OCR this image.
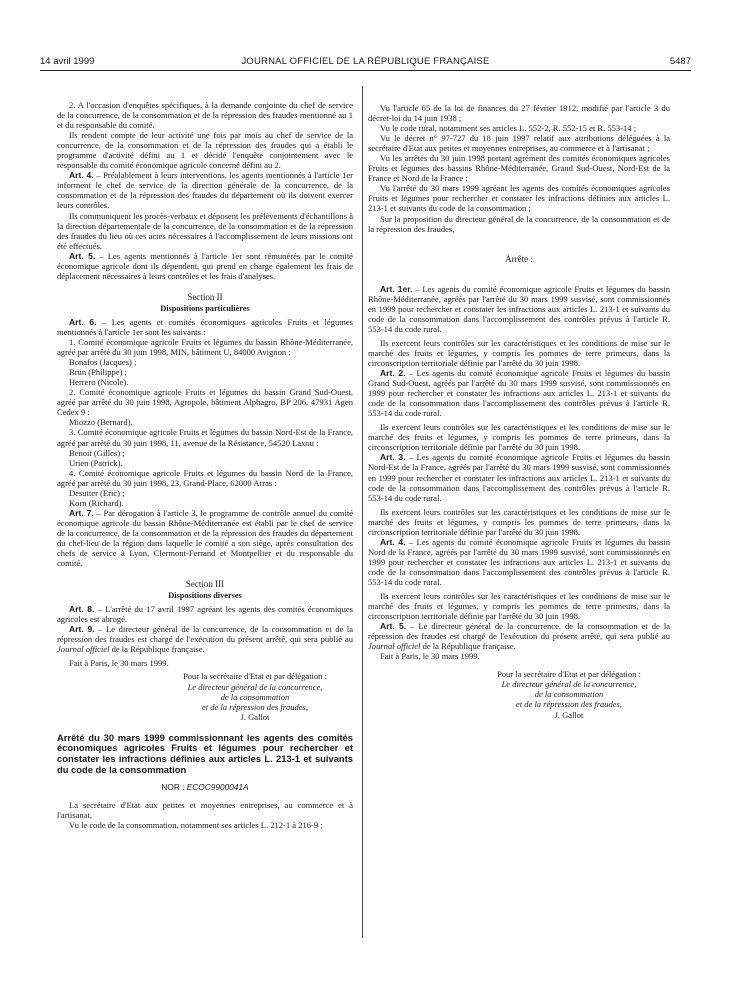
14 avril 1999	JOURNAL OFFICIEL DE LA RÉPUBLIQUE FRANÇAISE	5487

2. A l'occasion d'enquêtes spécifiques, à la demande conjointe du chef de service de la concurrence, de la consommation et de la répression des fraudes mentionné au 1 et du responsable du comité.

Ils rendent compte de leur activité une fois par mois au chef de service de la concurrence, de la consommation et de la répression des fraudes qui a établi le programme d'activité défini au 1 et décidé l'enquête conjointement avec le responsable du comité économique agricole concerné défini au 2.

Art. 4. – Préalablement à leurs interventions, les agents mentionnés à l'article 1er informent le chef de service de la direction générale de la concurrence, de la consommation et de la répression des fraudes du département où ils doivent exercer leurs contrôles.

Ils communiquent les procès-verbaux et déposent les prélèvements d'échantillons à la direction départementale de la concurrence, de la consommation et de la répression des fraudes du lieu où ces actes nécessaires à l'accomplissement de leurs missions ont été effectués.

Art. 5. – Les agents mentionnés à l'article 1er sont rémunérés par le comité économique agricole dont ils dépendent, qui prend en charge également les frais de déplacement nécessaires à leurs contrôles et les frais d'analyses.

Section II
Dispositions particulières

Art. 6. – Les agents et comités économiques agricoles Fruits et légumes mentionnés à l'article 1er sont les suivants :

1. Comité économique agricole Fruits et légumes du bassin Rhône-Méditerranée, agréé par arrêté du 30 juin 1998, MIN, bâtiment U, 84000 Avignon :

Bonafos (Jacques) ;

Brun (Philippe) ;

Herrero (Nicole).

2. Comité économique agricole Fruits et légumes du bassin Grand Sud-Ouest, agréé par arrêté du 30 juin 1998, Agropole, bâtiment Alphagro, BP 206, 47931 Agen Cedex 9 :

Miozzo (Bernard).

3. Comité économique agricole Fruits et légumes du bassin Nord-Est de la France, agréé par arrêté du 30 juin 1998, 11, avenue de la Résistance, 54520 Laxou :

Benoit (Gilles) ;

Urien (Patrick).

4. Comité économique agricole Fruits et légumes du bassin Nord de la France, agréé par arrêté du 30 juin 1998, 23, Grand-Place, 62000 Arras :

Desutter (Eric) ;

Korn (Richard).

Art. 7. – Par dérogation à l'article 3, le programme de contrôle annuel du comité économique agricole du bassin Rhône-Méditerranée est établi par le chef de service de la concurrence, de la consommation et de la répression des fraudes du département du chef-lieu de la région dans laquelle le comité a son siège, après consultation des chefs de service à Lyon, Clermont-Ferrand et Montpellier et du responsable du comité.

Section III
Dispositions diverses

Art. 8. – L'arrêté du 17 avril 1997 agréant les agents des comités économiques agricoles est abrogé.

Art. 9. – Le directeur général de la concurrence, de la consommation et de la répression des fraudes est chargé de l'exécution du présent arrêté, qui sera publié au Journal officiel de la République française.

Fait à Paris, le 30 mars 1999.

Pour la secrétaire d'Etat et par délégation :
Le directeur général de la concurrence,
de la consommation
et de la répression des fraudes,
J. Gallot
Arrêté du 30 mars 1999 commissionnant les agents des comités économiques agricoles Fruits et légumes pour rechercher et constater les infractions définies aux articles L. 213-1 et suivants du code de la consommation
NOR : ECOC9900041A

La secrétaire d'Etat aux petites et moyennes entreprises, au commerce et à l'artisanat,

Vu le code de la consommation, notamment ses articles L. 212-1 à 216-9 ;

Vu l'article 65 de la loi de finances du 27 février 1912, modifié par l'article 3 du décret-loi du 14 juin 1938 ;

Vu le code rural, notamment ses articles L. 552-2, R. 552-15 et R. 553-14 ;

Vu le décret n° 97-727 du 18 juin 1997 relatif aux attributions déléguées à la secrétaire d'Etat aux petites et moyennes entreprises, au commerce et à l'artisanat ;

Vu les arrêtés du 30 juin 1998 portant agrément des comités économiques agricoles Fruits et légumes des bassins Rhône-Méditerranée, Grand Sud-Ouest, Nord-Est de la France et Nord de la France ;

Vu l'arrêté du 30 mars 1999 agréant les agents des comités économiques agricoles Fruits et légumes pour rechercher et constater les infractions définies aux articles L. 213-1 et suivants du code de la consommation ;

Sur la proposition du directeur général de la concurrence, de la consommation et de la répression des fraudes,

Arrête :

Art. 1er. – Les agents du comité économique agricole Fruits et légumes du bassin Rhône-Méditerranée, agréés par l'arrêté du 30 mars 1999 susvisé, sont commissionnés en 1999 pour rechercher et constater les infractions aux articles L. 213-1 et suivants du code de la consommation dans l'accomplissement des contrôles prévus à l'article R. 553-14 du code rural.

Ils exercent leurs contrôles sur les caractéristiques et les conditions de mise sur le marché des fruits et légumes, y compris les pommes de terre primeurs, dans la circonscription territoriale définie par l'arrêté du 30 juin 1998.

Art. 2. – Les agents du comité économique agricole Fruits et légumes du bassin Grand Sud-Ouest, agréés par l'arrêté du 30 mars 1999 susvisé, sont commissionnés en 1999 pour rechercher et constater les infractions aux articles L. 213-1 et suivants du code de la consommation dans l'accomplissement des contrôles prévus à l'article R. 553-14 du code rural.

Ils exercent leurs contrôles sur les caractéristiques et les conditions de mise sur le marché des fruits et légumes, y compris les pommes de terre primeurs, dans la circonscription territoriale définie par l'arrêté du 30 juin 1998.

Art. 3. – Les agents du comité économique agricole Fruits et légumes du bassin Nord-Est de la France, agréés par l'arrêté du 30 mars 1999 susvisé, sont commissionnés en 1999 pour rechercher et constater les infractions aux articles L. 213-1 et suivants du code de la consommation dans l'accomplissement des contrôles prévus à l'article R. 553-14 du code rural.

Ils exercent leurs contrôles sur les caractéristiques et les conditions de mise sur le marché des fruits et légumes, y compris les pommes de terre primeurs, dans la circonscription territoriale définie par l'arrêté du 30 juin 1998.

Art. 4. – Les agents du comité économique agricole Fruits et légumes du bassin Nord de la France, agréés par l'arrêté du 30 mars 1999 susvisé, sont commissionnés en 1999 pour rechercher et constater les infractions aux articles L. 213-1 et suivants du code de la consommation dans l'accomplissement des contrôles prévus à l'article R. 553-14 du code rural.

Ils exercent leurs contrôles sur les caractéristiques et les conditions de mise sur le marché des fruits et légumes, y compris les pommes de terre primeurs, dans la circonscription territoriale définie par l'arrêté du 30 juin 1998.

Art. 5. – Le directeur général de la concurrence, de la consommation et de la répression des fraudes est chargé de l'exécution du présent arrêté, qui sera publié au Journal officiel de la République française.

Fait à Paris, le 30 mars 1999.

Pour la secrétaire d'Etat et par délégation :
Le directeur général de la concurrence,
de la consommation
et de la répression des fraudes,
J. Gallot
